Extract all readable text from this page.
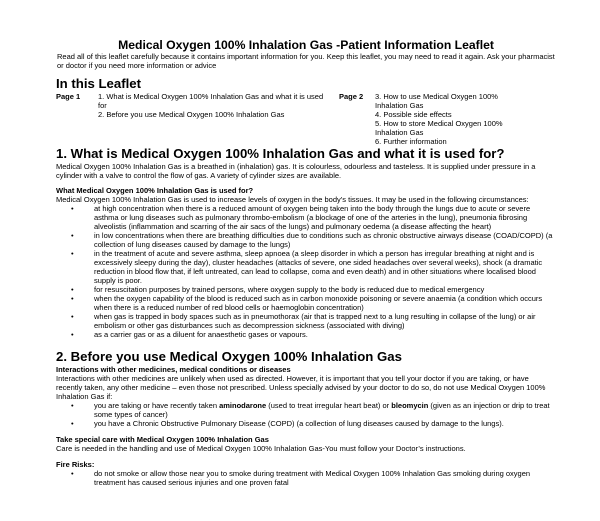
Medical Oxygen 100% Inhalation Gas -Patient Information Leaflet

Read all of this leaflet carefully because it contains important information for you. Keep this leaflet, you may need to read it again. Ask your pharmacist or doctor if you need more information or advice

In this Leaflet
Page 1 1. What is Medical Oxygen 100% Inhalation Gas and what it is used for
2. Before you use Medical Oxygen 100% Inhalation Gas
Page 2 3. How to use Medical Oxygen 100% Inhalation Gas
4. Possible side effects
5. How to store Medical Oxygen 100% Inhalation Gas
6. Further information
1. What is Medical Oxygen 100% Inhalation Gas and what it is used for?

Medical Oxygen 100% Inhalation Gas is a breathed in (inhalation) gas. It is colourless, odourless and tasteless. It is supplied under pressure in a cylinder with a valve to control the flow of gas. A variety of cylinder sizes are available.

What Medical Oxygen 100% Inhalation Gas is used for?

Medical Oxygen 100% Inhalation Gas is used to increase levels of oxygen in the body’s tissues. It may be used in the following circumstances:

•	at high concentration when there is a reduced amount of oxygen being taken into the body through the lungs due to acute or severe asthma or lung diseases such as pulmonary thrombo-embolism (a blockage of one of the arteries in the lung), pneumonia fibrosing alveolistis (inflammation and scarring of the air sacs of the lungs) and pulmonary oedema (a disease affecting the heart)
•	in low concentrations when there are breathing difficulties due to conditions such as chronic obstructive airways disease (COAD/COPD) (a collection of lung diseases caused by damage to the lungs)
•	in the treatment of acute and severe asthma, sleep apnoea (a sleep disorder in which a person has irregular breathing at night and is excessively sleepy during the day), cluster headaches (attacks of severe, one sided headaches over several weeks), shock (a dramatic reduction in blood flow that, if left untreated, can lead to collapse, coma and even death) and in other situations where localised blood supply is poor.
•	for resuscitation purposes by trained persons, where oxygen supply to the body is reduced due to medical emergency
•	when the oxygen capability of the blood is reduced such as in carbon monoxide poisoning or severe anaemia (a condition which occurs when there is a reduced number of red blood cells or haemoglobin concentration)
•	when gas is trapped in body spaces such as in pneumothorax (air that is trapped next to a lung resulting in collapse of the lung) or air embolism or other gas disturbances such as decompression sickness (associated with diving)
•	as a carrier gas or as a diluent for anaesthetic gases or vapours.
2. Before you use Medical Oxygen 100% Inhalation Gas

Interactions with other medicines, medical conditions or diseases

Interactions with other medicines are unlikely when used as directed. However, it is important that you tell your doctor if you are taking, or have recently taken, any other medicine – even those not prescribed. Unless specially advised by your doctor to do so, do not use Medical Oxygen 100% Inhalation Gas if:

•	you are taking or have recently taken aminodarone (used to treat irregular heart beat) or bleomycin (given as an injection or drip to treat some types of cancer)
•	you have a Chronic Obstructive Pulmonary Disease (COPD) (a collection of lung diseases caused by damage to the lungs).

Take special care with Medical Oxygen 100% Inhalation Gas

Care is needed in the handling and use of Medical Oxygen 100% Inhalation Gas-You must follow your Doctor’s instructions.

Fire Risks:

•	do not smoke or allow those near you to smoke during treatment with Medical Oxygen 100% Inhalation Gas smoking during oxygen treatment has caused serious injuries and one proven fatal
